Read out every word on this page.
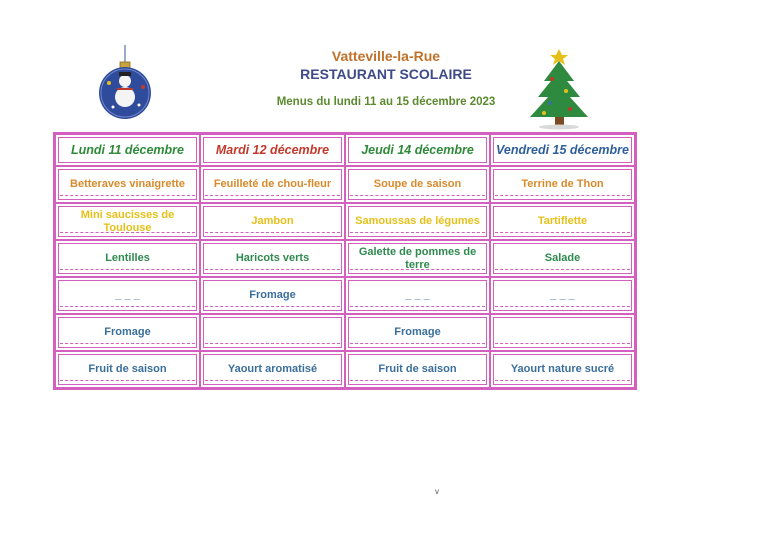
Vatteville-la-Rue
RESTAURANT SCOLAIRE
Menus du lundi 11 au 15 décembre 2023
Lundi 11 décembre	Mardi 12 décembre	Jeudi 14 décembre	Vendredi 15 décembre
Betteraves vinaigrette	Feuilleté de chou-fleur	Soupe de saison	Terrine de Thon
Mini saucisses de Toulouse	Jambon	Samoussas de légumes	Tartiflette
Lentilles	Haricots verts	Galette de pommes de terre	Salade
_ _ _	Fromage	_ _ _	_ _ _
Fromage		Fromage	
Fruit de saison	Yaourt aromatisé	Fruit de saison	Yaourt nature sucré
v
